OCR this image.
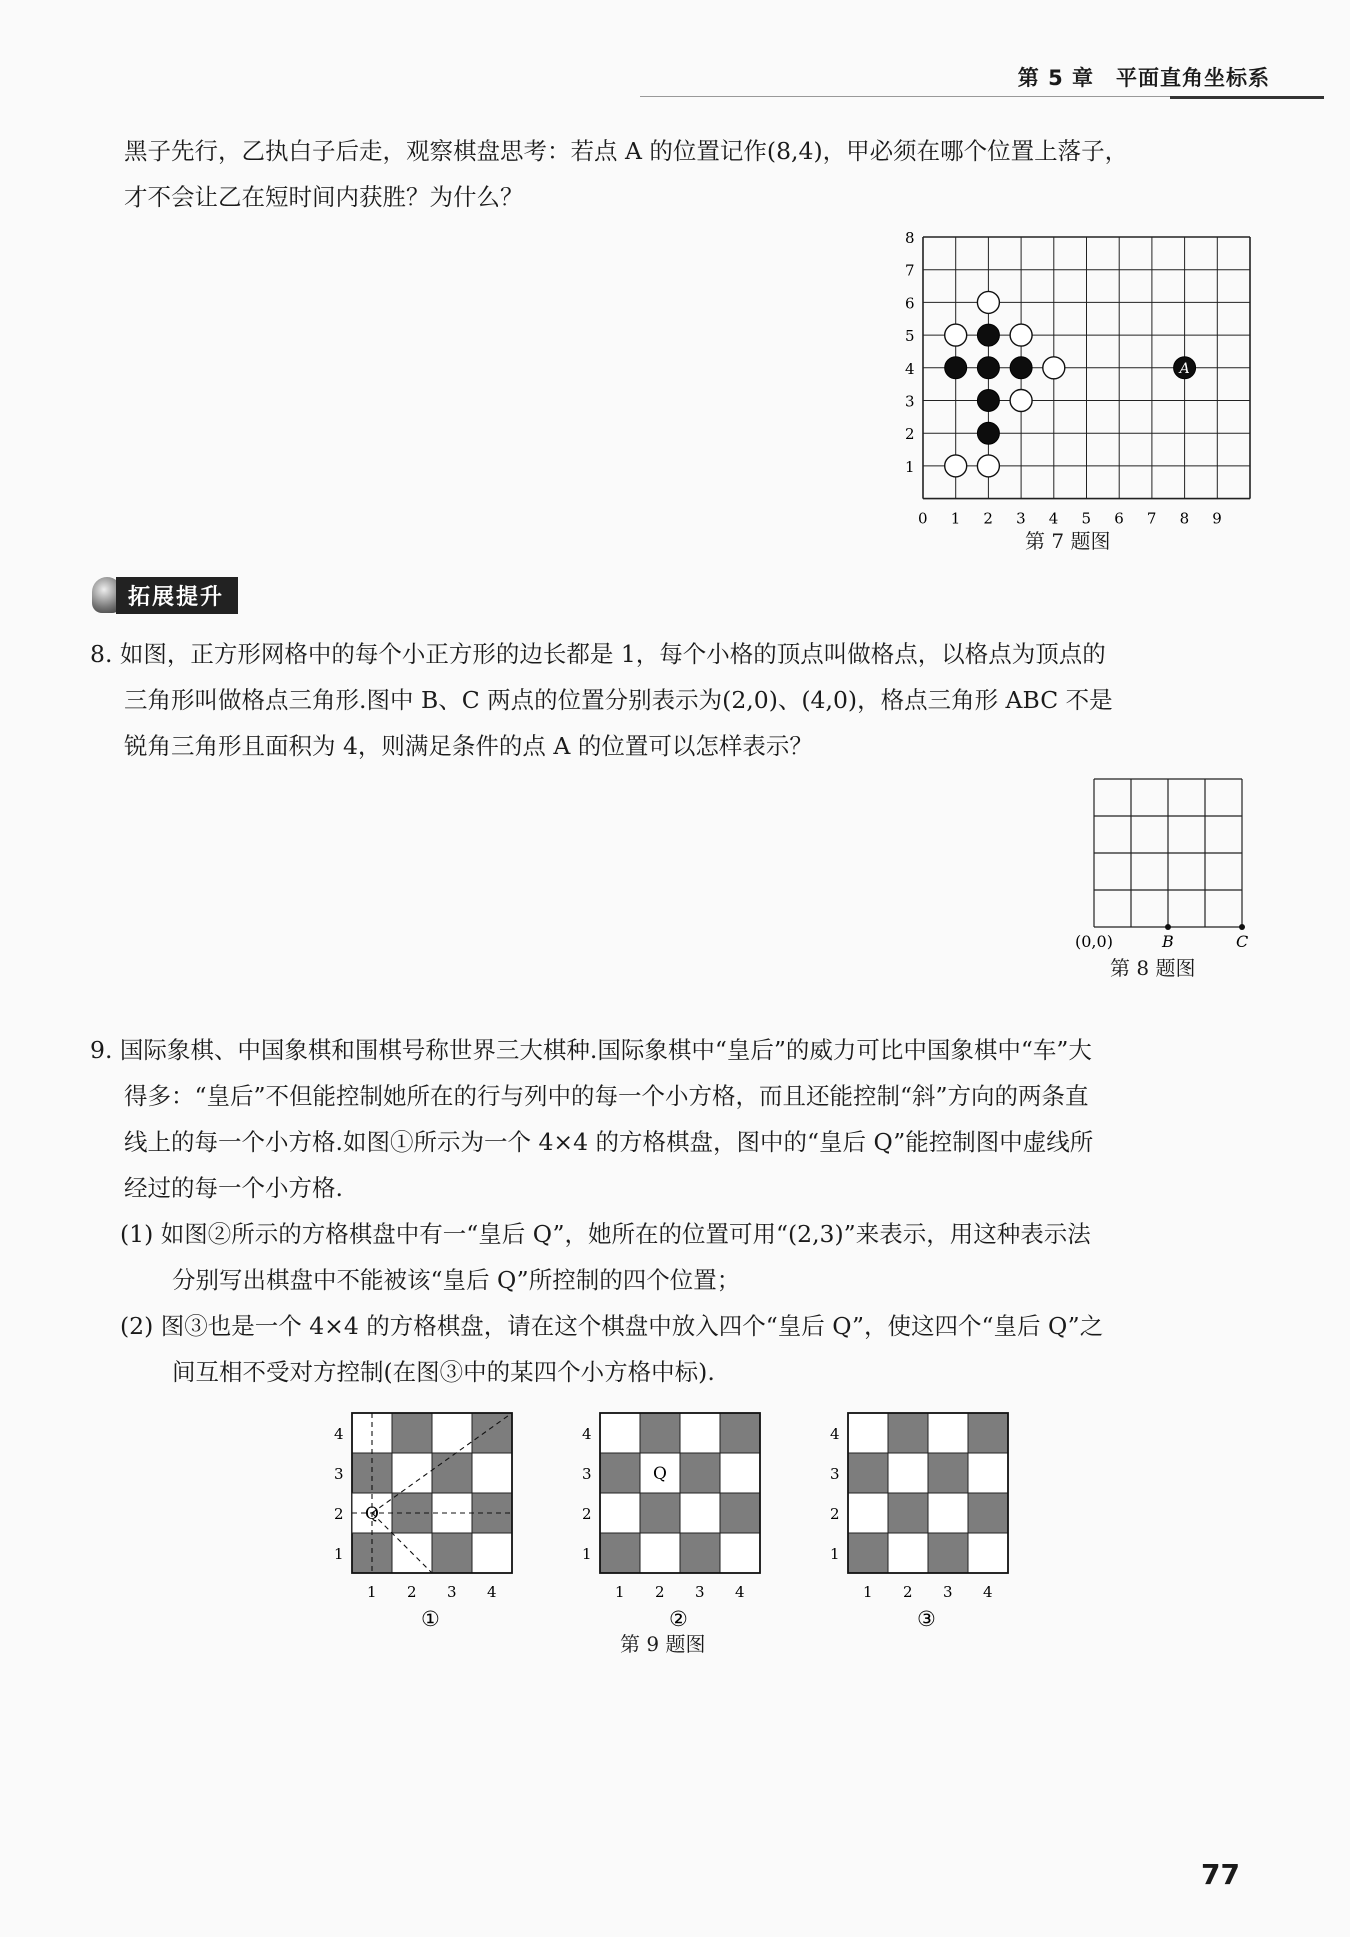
第 5 章　平面直角坐标系
黑子先行，乙执白子后走，观察棋盘思考：若点 A 的位置记作(8,4)，甲必须在哪个位置上落子，
才不会让乙在短时间内获胜？为什么？
8
7
6
5
4
3
2
1
0 1 2 3 4 5 6 7 8 9
A
第 7 题图
拓展提升
8. 如图，正方形网格中的每个小正方形的边长都是 1，每个小格的顶点叫做格点，以格点为顶点的
三角形叫做格点三角形.图中 B、C 两点的位置分别表示为(2,0)、(4,0)，格点三角形 ABC 不是
锐角三角形且面积为 4，则满足条件的点 A 的位置可以怎样表示？
(0,0)	B	C
第 8 题图
9. 国际象棋、中国象棋和围棋号称世界三大棋种.国际象棋中“皇后”的威力可比中国象棋中“车”大
得多：“皇后”不但能控制她所在的行与列中的每一个小方格，而且还能控制“斜”方向的两条直
线上的每一个小方格.如图①所示为一个 4×4 的方格棋盘，图中的“皇后 Q”能控制图中虚线所
经过的每一个小方格.
(1) 如图②所示的方格棋盘中有一“皇后 Q”，她所在的位置可用“(2,3)”来表示，用这种表示法
分别写出棋盘中不能被该“皇后 Q”所控制的四个位置；
(2) 图③也是一个 4×4 的方格棋盘，请在这个棋盘中放入四个“皇后 Q”，使这四个“皇后 Q”之
间互相不受对方控制(在图③中的某四个小方格中标).
1
1
2
2
3
3
4
4
①
Q
1
1
2
2
3
3
4
4
②
Q
1
1
2
2
3
3
4
4
③
第 9 题图
77
